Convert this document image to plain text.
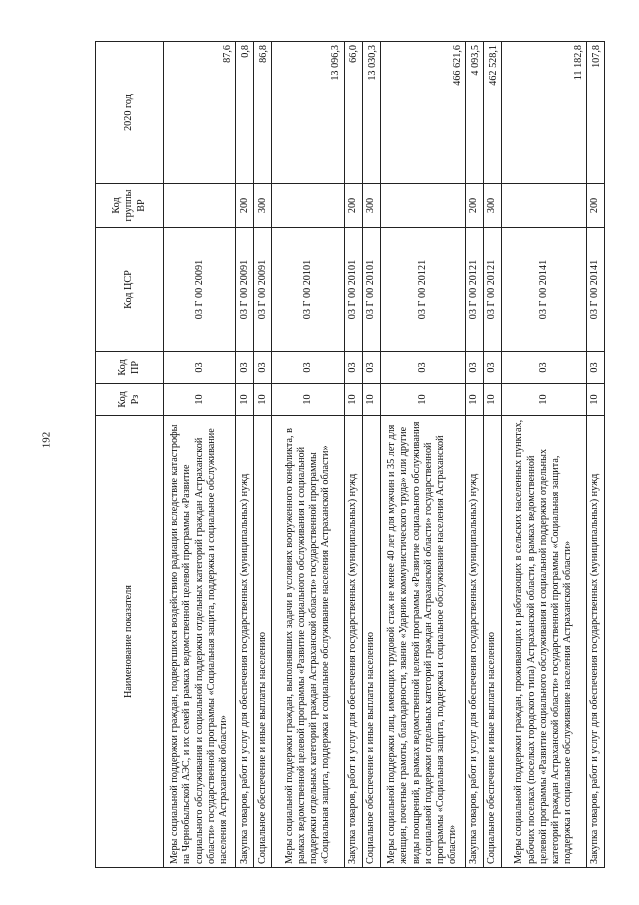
192
Наименование показателя	Код Рз	Код ПР	Код ЦСР	Код группы ВР	2020 год
Меры социальной поддержки граждан, подвергшихся воздействию радиации вследствие катастрофы на Чернобыльской АЭС, и их семей в рамках ведомственной целевой программы «Развитие социального обслуживания и социальной поддержки отдельных категорий граждан Астраханской области» государственной программы «Социальная защита, поддержка и социальное обслуживание населения Астраханской области»	10	03	03 Г 00 20091		87,6
Закупка товаров, работ и услуг для обеспечения государственных (муниципальных) нужд	10	03	03 Г 00 20091	200	0,8
Социальное обеспечение и иные выплаты населению	10	03	03 Г 00 20091	300	86,8
Меры социальной поддержки граждан, выполнявших задачи в условиях вооруженного конфликта, в рамках ведомственной целевой программы «Развитие социального обслуживания и социальной поддержки отдельных категорий граждан Астраханской области» государственной программы «Социальная защита, поддержка и социальное обслуживание населения Астраханской области»	10	03	03 Г 00 20101		13 096,3
Закупка товаров, работ и услуг для обеспечения государственных (муниципальных) нужд	10	03	03 Г 00 20101	200	66,0
Социальное обеспечение и иные выплаты населению	10	03	03 Г 00 20101	300	13 030,3
Меры социальной поддержки лиц, имеющих трудовой стаж не менее 40 лет для мужчин и 35 лет для женщин, почетные грамоты, благодарности, звание «Ударник коммунистического труда» или другие виды поощрений, в рамках ведомственной целевой программы «Развитие социального обслуживания и социальной поддержки отдельных категорий граждан Астраханской области» государственной программы «Социальная защита, поддержка и социальное обслуживание населения Астраханской области»	10	03	03 Г 00 20121		466 621,6
Закупка товаров, работ и услуг для обеспечения государственных (муниципальных) нужд	10	03	03 Г 00 20121	200	4 093,5
Социальное обеспечение и иные выплаты населению	10	03	03 Г 00 20121	300	462 528,1
Меры социальной поддержки граждан, проживающих и работающих в сельских населенных пунктах, рабочих поселках (поселках городского типа) Астраханской области, в рамках ведомственной целевой программы «Развитие социального обслуживания и социальной поддержки отдельных категорий граждан Астраханской области» государственной программы «Социальная защита, поддержка и социальное обслуживание населения Астраханской области»	10	03	03 Г 00 20141		11 182,8
Закупка товаров, работ и услуг для обеспечения государственных (муниципальных) нужд	10	03	03 Г 00 20141	200	107,8
